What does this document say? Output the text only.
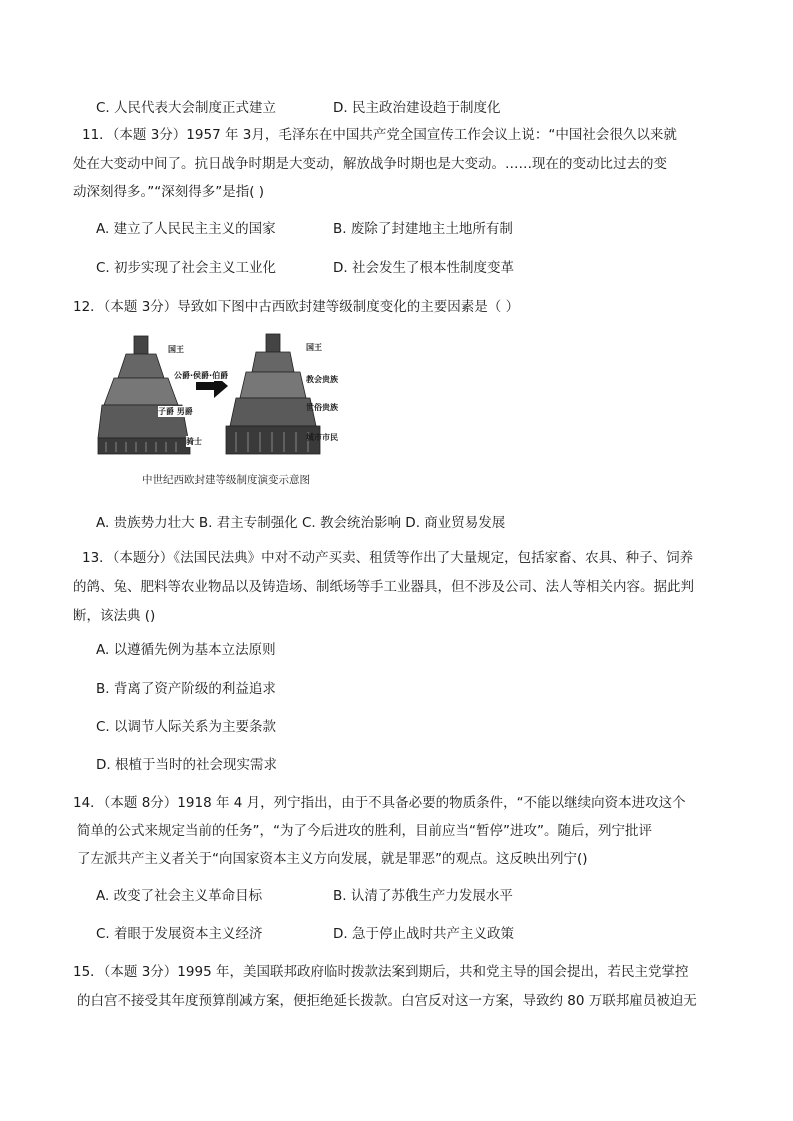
C. 人民代表大会制度正式建立	D. 民主政治建设趋于制度化
11．（本题 3分）1957 年 3月，毛泽东在中国共产党全国宣传工作会议上说：“中国社会很久以来就
处在大变动中间了。抗日战争时期是大变动，解放战争时期也是大变动。……现在的变动比过去的变
动深刻得多。”“深刻得多”是指( )
A. 建立了人民民主主义的国家	B. 废除了封建地主土地所有制
C. 初步实现了社会主义工业化	D. 社会发生了根本性制度变革
12．（本题 3分）导致如下图中古西欧封建等级制度变化的主要因素是（ ）
国王
公爵·侯爵·伯爵
子爵 男爵
骑士
国王
教会贵族
世俗贵族
城市市民
中世纪西欧封建等级制度演变示意图
A. 贵族势力壮大 B. 君主专制强化 C. 教会统治影响 D. 商业贸易发展
13．（本题分）《法国民法典》中对不动产买卖、租赁等作出了大量规定，包括家畜、农具、种子、饲养
的鸽、兔、肥料等农业物品以及铸造场、制纸场等手工业器具，但不涉及公司、法人等相关内容。据此判
断，该法典 ()
A. 以遵循先例为基本立法原则
B. 背离了资产阶级的利益追求
C. 以调节人际关系为主要条款
D. 根植于当时的社会现实需求
14．（本题 8分）1918 年 4 月，列宁指出，由于不具备必要的物质条件，“不能以继续向资本进攻这个
简单的公式来规定当前的任务”，“为了今后进攻的胜利，目前应当“暂停”进攻”。随后，列宁批评
了左派共产主义者关于“向国家资本主义方向发展，就是罪恶”的观点。这反映出列宁()
A. 改变了社会主义革命目标	B. 认清了苏俄生产力发展水平
C. 着眼于发展资本主义经济	D. 急于停止战时共产主义政策
15．（本题 3分）1995 年，美国联邦政府临时拨款法案到期后，共和党主导的国会提出，若民主党掌控
的白宫不接受其年度预算削减方案，便拒绝延长拨款。白宫反对这一方案，导致约 80 万联邦雇员被迫无
